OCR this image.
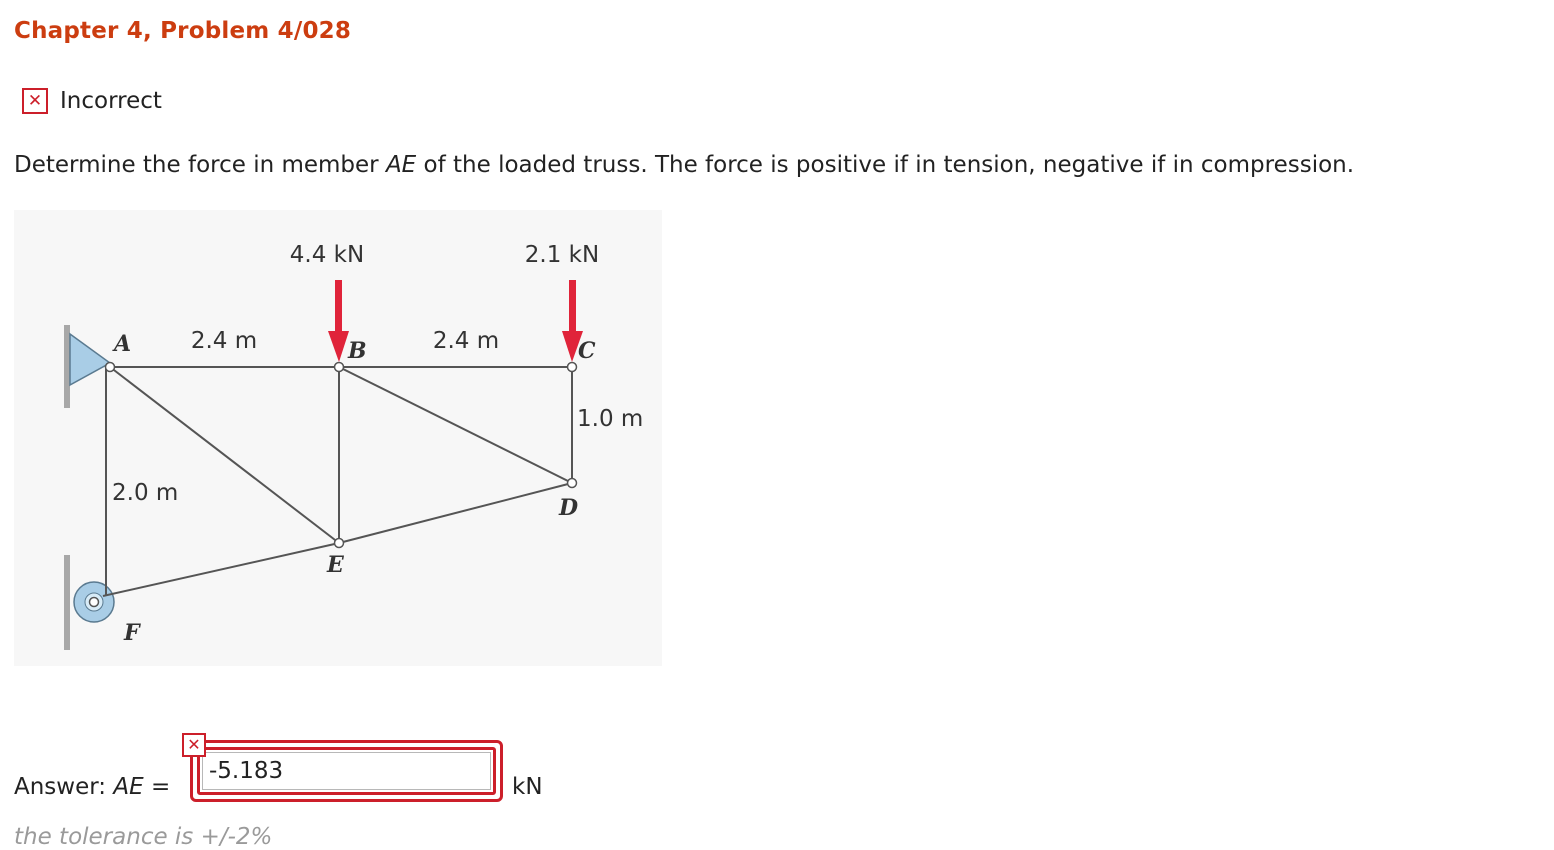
Chapter 4, Problem 4/028
✕ Incorrect
Determine the force in member AE of the loaded truss. The force is positive if in tension, negative if in compression.
4.4 kN	2.1 kN
2.4 m	2.4 m
1.0 m
2.0 m
A	B	C
D
E
F
Answer: AE =
-5.183
✕
kN
the tolerance is +/-2%
